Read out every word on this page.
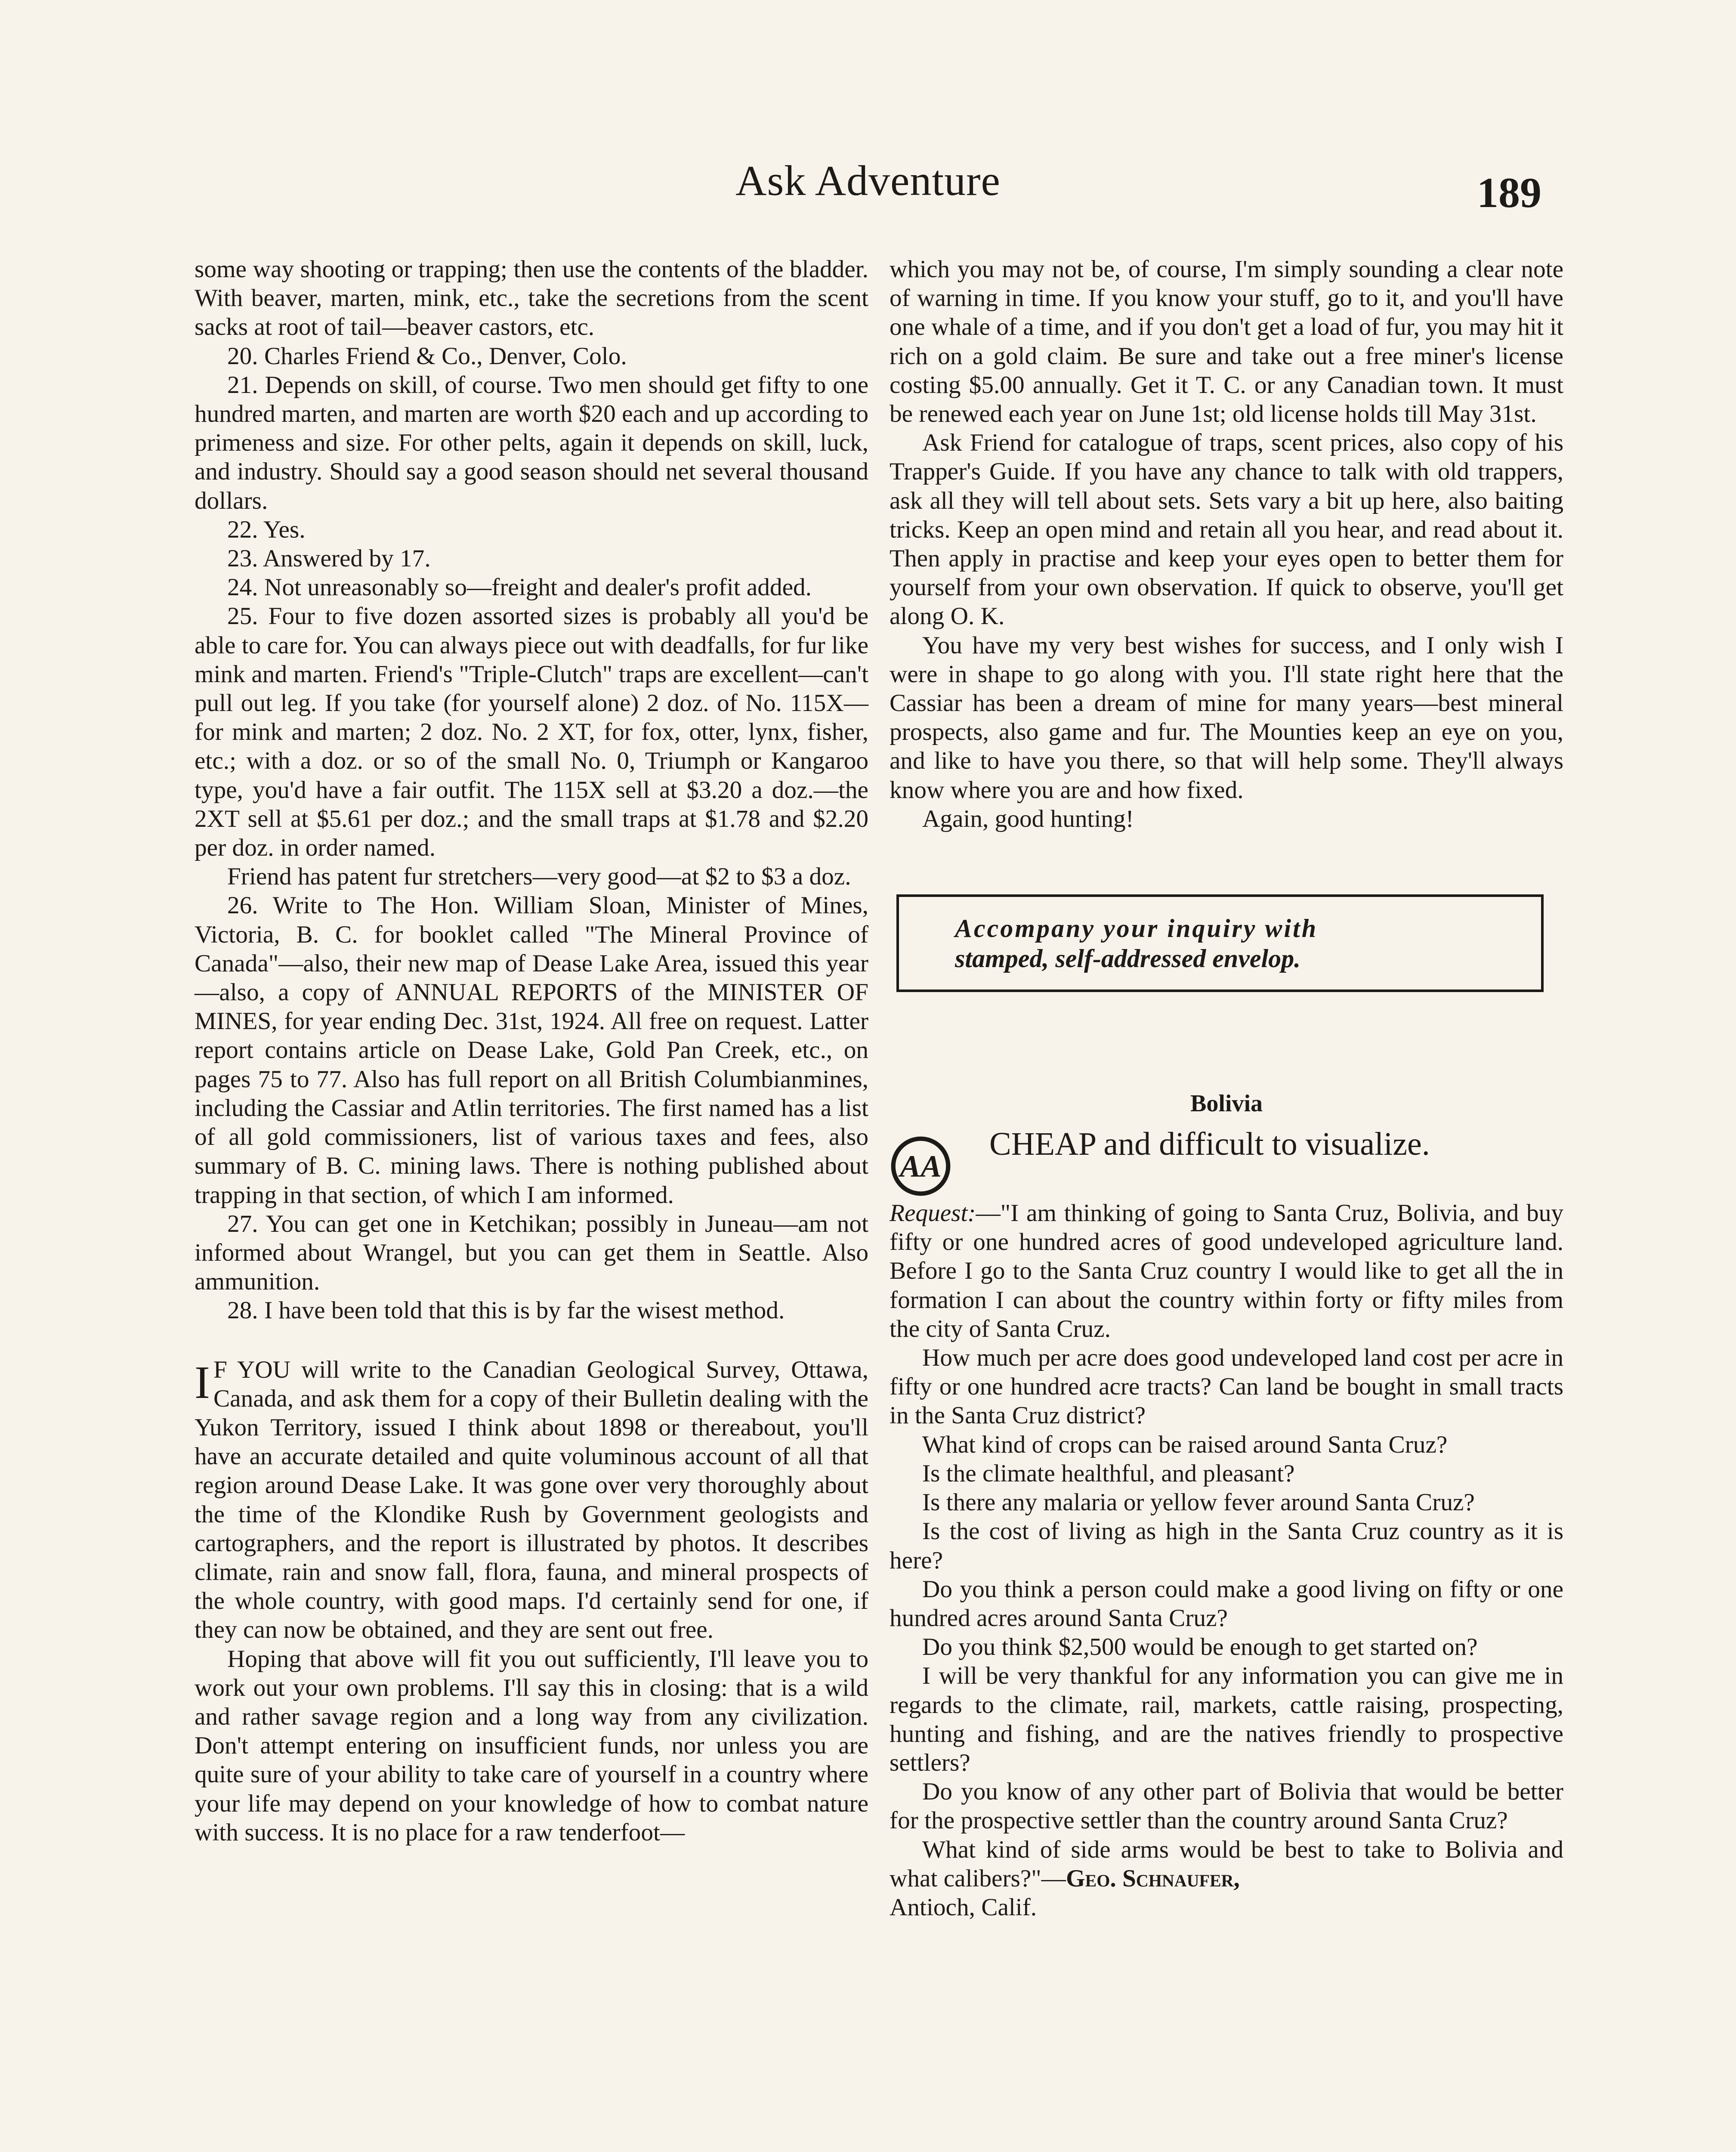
Ask Adventure	189

some way shooting or trapping; then use the contents of the bladder. With beaver, marten, mink, etc., take the secretions from the scent sacks at root of tail—beaver castors, etc.

20. Charles Friend & Co., Denver, Colo.

21. Depends on skill, of course. Two men should get fifty to one hundred marten, and marten are worth $20 each and up according to primeness and size. For other pelts, again it depends on skill, luck, and industry. Should say a good season should net several thousand dollars.

22. Yes.

23. Answered by 17.

24. Not unreasonably so—freight and dealer's profit added.

25. Four to five dozen assorted sizes is probably all you'd be able to care for. You can always piece out with deadfalls, for fur like mink and marten. Friend's "Triple-Clutch" traps are excellent—can't pull out leg. If you take (for yourself alone) 2 doz. of No. 115X—for mink and marten; 2 doz. No. 2 XT, for fox, otter, lynx, fisher, etc.; with a doz. or so of the small No. 0, Triumph or Kangaroo type, you'd have a fair outfit. The 115X sell at $3.20 a doz.—the 2XT sell at $5.61 per doz.; and the small traps at $1.78 and $2.20 per doz. in order named.

Friend has patent fur stretchers—very good—at $2 to $3 a doz.

26. Write to The Hon. William Sloan, Minister of Mines, Victoria, B. C. for booklet called "The Mineral Province of Canada"—also, their new map of Dease Lake Area, issued this year—also, a copy of ANNUAL REPORTS of the MINISTER OF MINES, for year ending Dec. 31st, 1924. All free on request. Latter report contains article on Dease Lake, Gold Pan Creek, etc., on pages 75 to 77. Also has full report on all British Columbianmines, including the Cassiar and Atlin territories. The first named has a list of all gold commissioners, list of various taxes and fees, also summary of B. C. mining laws. There is nothing published about trapping in that section, of which I am informed.

27. You can get one in Ketchikan; possibly in Juneau—am not informed about Wrangel, but you can get them in Seattle. Also ammunition.

28. I have been told that this is by far the wisest method.

I F YOU will write to the Canadian Geological Survey, Ottawa, Canada, and ask them for a copy of their Bulletin dealing with the Yukon Territory, issued I think about 1898 or thereabout, you'll have an accurate detailed and quite voluminous account of all that region around Dease Lake. It was gone over very thoroughly about the time of the Klondike Rush by Government geologists and cartographers, and the report is illustrated by photos. It describes climate, rain and snow fall, flora, fauna, and mineral prospects of the whole country, with good maps. I'd certainly send for one, if they can now be obtained, and they are sent out free.

Hoping that above will fit you out sufficiently, I'll leave you to work out your own problems. I'll say this in closing: that is a wild and rather savage region and a long way from any civilization. Don't attempt entering on insufficient funds, nor unless you are quite sure of your ability to take care of yourself in a country where your life may depend on your knowledge of how to combat nature with success. It is no place for a raw tenderfoot—

which you may not be, of course, I'm simply sounding a clear note of warning in time. If you know your stuff, go to it, and you'll have one whale of a time, and if you don't get a load of fur, you may hit it rich on a gold claim. Be sure and take out a free miner's license costing $5.00 annually. Get it T. C. or any Canadian town. It must be renewed each year on June 1st; old license holds till May 31st.

Ask Friend for catalogue of traps, scent prices, also copy of his Trapper's Guide. If you have any chance to talk with old trappers, ask all they will tell about sets. Sets vary a bit up here, also baiting tricks. Keep an open mind and retain all you hear, and read about it. Then apply in practise and keep your eyes open to better them for yourself from your own observation. If quick to observe, you'll get along O. K.

You have my very best wishes for success, and I only wish I were in shape to go along with you. I'll state right here that the Cassiar has been a dream of mine for many years—best mineral prospects, also game and fur. The Mounties keep an eye on you, and like to have you there, so that will help some. They'll always know where you are and how fixed.

Again, good hunting!

Accompany your inquiry with
stamped, self-addressed envelop.
Bolivia
AA
CHEAP and difficult to visualize.

Request:—"I am thinking of going to Santa Cruz, Bolivia, and buy fifty or one hundred acres of good undeveloped agriculture land. Before I go to the Santa Cruz country I would like to get all the in formation I can about the country within forty or fifty miles from the city of Santa Cruz.

How much per acre does good undeveloped land cost per acre in fifty or one hundred acre tracts? Can land be bought in small tracts in the Santa Cruz district?

What kind of crops can be raised around Santa Cruz?

Is the climate healthful, and pleasant?

Is there any malaria or yellow fever around Santa Cruz?

Is the cost of living as high in the Santa Cruz country as it is here?

Do you think a person could make a good living on fifty or one hundred acres around Santa Cruz?

Do you think $2,500 would be enough to get started on?

I will be very thankful for any information you can give me in regards to the climate, rail, markets, cattle raising, prospecting, hunting and fishing, and are the natives friendly to prospective settlers?

Do you know of any other part of Bolivia that would be better for the prospective settler than the country around Santa Cruz?

What kind of side arms would be best to take to Bolivia and what calibers?"—Geo. Schnaufer,

Antioch, Calif.
